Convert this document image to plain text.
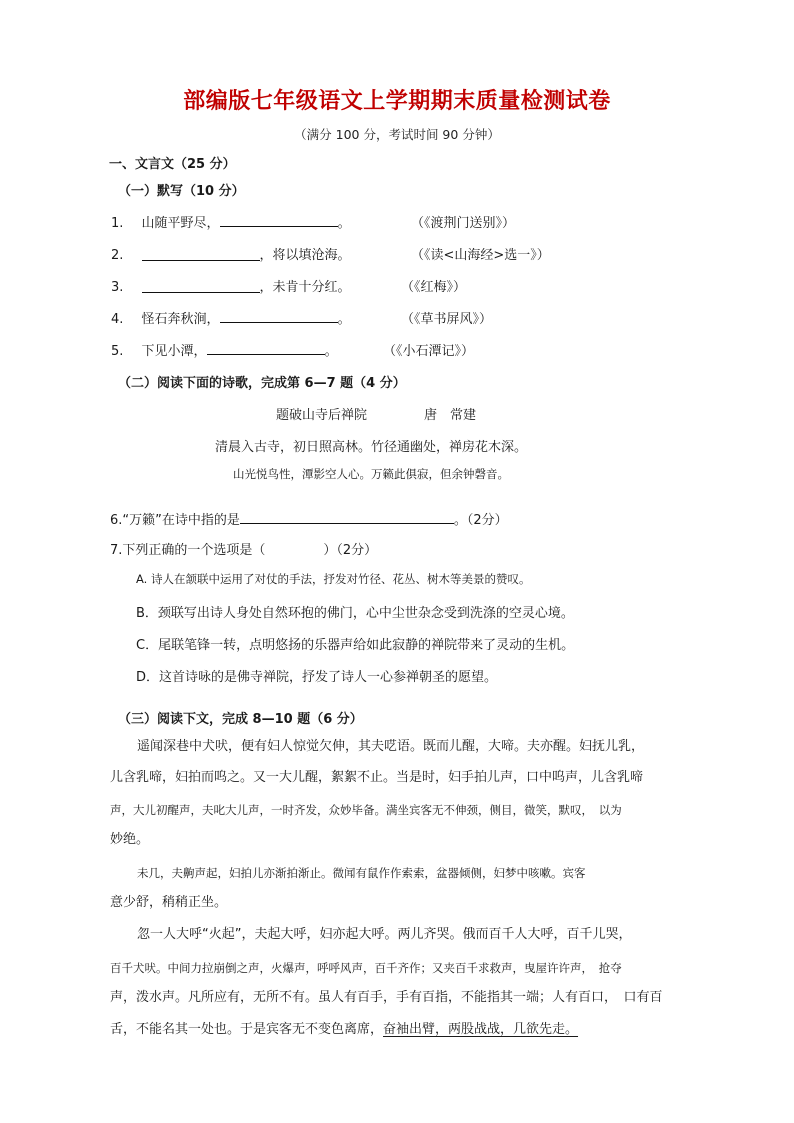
部编版七年级语文上学期期末质量检测试卷
（满分 100 分，考试时间 90 分钟）
一、文言文（25 分）
（一）默写（10 分）
1. 山随平野尽，	。	（《渡荆门送别》）
2.	，将以填沧海。	（《读<山海经>选一》）
3.	，未肯十分红。	（《红梅》）
4. 怪石奔秋涧，	。	（《草书屏风》）
5. 下见小潭，	。	（《小石潭记》）
（二）阅读下面的诗歌，完成第 6—7 题（4 分）
题破山寺后禅院	唐　常建
清晨入古寺，初日照高林。竹径通幽处，禅房花木深。
山光悦鸟性，潭影空人心。万籁此俱寂，但余钟磬音。
6.“万籁”在诗中指的是	。（2分）
7.下列正确的一个选项是（	）（2分）
A. 诗人在颔联中运用了对仗的手法，抒发对竹径、花丛、树木等美景的赞叹。
B．颈联写出诗人身处自然环抱的佛门，心中尘世杂念受到洗涤的空灵心境。
C．尾联笔锋一转，点明悠扬的乐器声给如此寂静的禅院带来了灵动的生机。
D．这首诗咏的是佛寺禅院，抒发了诗人一心参禅朝圣的愿望。
（三）阅读下文，完成 8—10 题（6 分）
遥闻深巷中犬吠，便有妇人惊觉欠伸，其夫呓语。既而儿醒，大啼。夫亦醒。妇抚儿乳，
儿含乳啼，妇拍而呜之。又一大儿醒，絮絮不止。当是时，妇手拍儿声，口中呜声，儿含乳啼
声，大儿初醒声，夫叱大儿声，一时齐发，众妙毕备。满坐宾客无不伸颈，侧目，微笑，默叹，　以为
妙绝。
未几，夫齁声起，妇拍儿亦渐拍渐止。微闻有鼠作作索索，盆器倾侧，妇梦中咳嗽。宾客
意少舒，稍稍正坐。
忽一人大呼“火起”，夫起大呼，妇亦起大呼。两儿齐哭。俄而百千人大呼，百千儿哭，
百千犬吠。中间力拉崩倒之声，火爆声，呼呼风声，百千齐作；又夹百千求救声，曳屋许许声，　抢夺
声，泼水声。凡所应有，无所不有。虽人有百手，手有百指，不能指其一端；人有百口，　口有百
舌，不能名其一处也。于是宾客无不变色离席，奋袖出臂，两股战战，几欲先走。
